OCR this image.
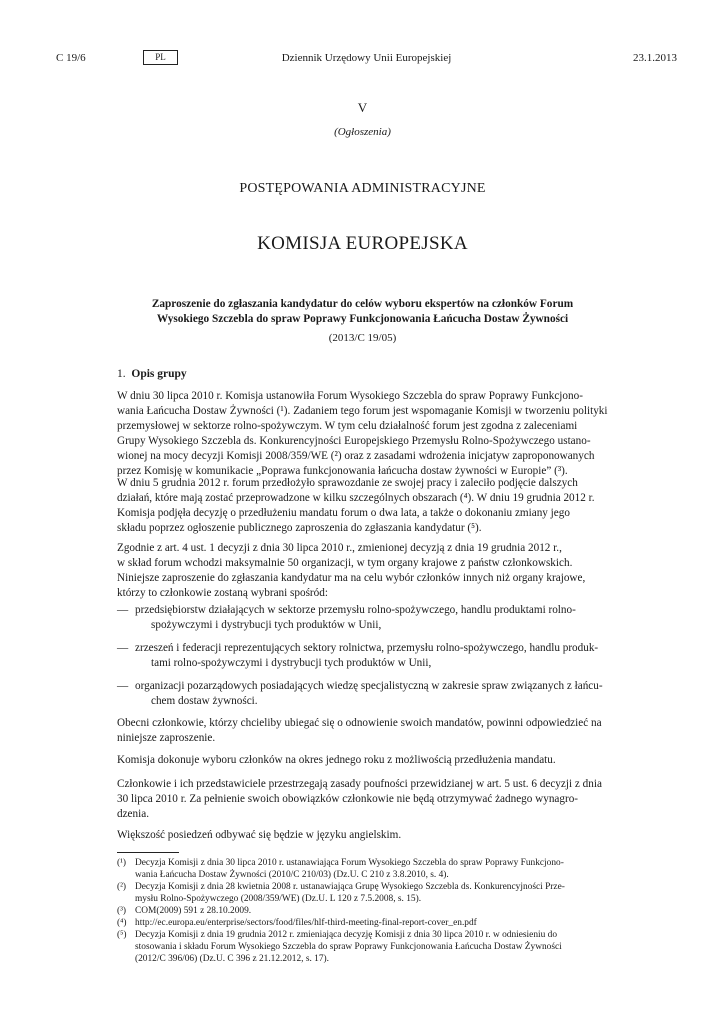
C 19/6	PL	Dziennik Urzędowy Unii Europejskiej	23.1.2013
V
(Ogłoszenia)
POSTĘPOWANIA ADMINISTRACYJNE
KOMISJA EUROPEJSKA
Zaproszenie do zgłaszania kandydatur do celów wyboru ekspertów na członków Forum
Wysokiego Szczebla do spraw Poprawy Funkcjonowania Łańcucha Dostaw Żywności
(2013/C 19/05)
1. Opis grupy

W dniu 30 lipca 2010 r. Komisja ustanowiła Forum Wysokiego Szczebla do spraw Poprawy Funkcjono-

wania Łańcucha Dostaw Żywności (¹). Zadaniem tego forum jest wspomaganie Komisji w tworzeniu polityki

przemysłowej w sektorze rolno-spożywczym. W tym celu działalność forum jest zgodna z zaleceniami

Grupy Wysokiego Szczebla ds. Konkurencyjności Europejskiego Przemysłu Rolno-Spożywczego ustano-

wionej na mocy decyzji Komisji 2008/359/WE (²) oraz z zasadami wdrożenia inicjatyw zaproponowanych

przez Komisję w komunikacie „Poprawa funkcjonowania łańcucha dostaw żywności w Europie” (³).

W dniu 5 grudnia 2012 r. forum przedłożyło sprawozdanie ze swojej pracy i zaleciło podjęcie dalszych

działań, które mają zostać przeprowadzone w kilku szczególnych obszarach (⁴). W dniu 19 grudnia 2012 r.

Komisja podjęła decyzję o przedłużeniu mandatu forum o dwa lata, a także o dokonaniu zmiany jego

składu poprzez ogłoszenie publicznego zaproszenia do zgłaszania kandydatur (⁵).

Zgodnie z art. 4 ust. 1 decyzji z dnia 30 lipca 2010 r., zmienionej decyzją z dnia 19 grudnia 2012 r.,

w skład forum wchodzi maksymalnie 50 organizacji, w tym organy krajowe z państw członkowskich.

Niniejsze zaproszenie do zgłaszania kandydatur ma na celu wybór członków innych niż organy krajowe,

którzy to członkowie zostaną wybrani spośród:

— przedsiębiorstw działających w sektorze przemysłu rolno-spożywczego, handlu produktami rolno-
spożywczymi i dystrybucji tych produktów w Unii,
— zrzeszeń i federacji reprezentujących sektory rolnictwa, przemysłu rolno-spożywczego, handlu produk-
tami rolno-spożywczymi i dystrybucji tych produktów w Unii,
— organizacji pozarządowych posiadających wiedzę specjalistyczną w zakresie spraw związanych z łańcu-
chem dostaw żywności.

Obecni członkowie, którzy chcieliby ubiegać się o odnowienie swoich mandatów, powinni odpowiedzieć na

niniejsze zaproszenie.

Komisja dokonuje wyboru członków na okres jednego roku z możliwością przedłużenia mandatu.

Członkowie i ich przedstawiciele przestrzegają zasady poufności przewidzianej w art. 5 ust. 6 decyzji z dnia

30 lipca 2010 r. Za pełnienie swoich obowiązków członkowie nie będą otrzymywać żadnego wynagro-

dzenia.

Większość posiedzeń odbywać się będzie w języku angielskim.

(¹) Decyzja Komisji z dnia 30 lipca 2010 r. ustanawiająca Forum Wysokiego Szczebla do spraw Poprawy Funkcjono-
wania Łańcucha Dostaw Żywności (2010/C 210/03) (Dz.U. C 210 z 3.8.2010, s. 4).
(²) Decyzja Komisji z dnia 28 kwietnia 2008 r. ustanawiająca Grupę Wysokiego Szczebla ds. Konkurencyjności Prze-
mysłu Rolno-Spożywczego (2008/359/WE) (Dz.U. L 120 z 7.5.2008, s. 15).
(³) COM(2009) 591 z 28.10.2009.
(⁴) http://ec.europa.eu/enterprise/sectors/food/files/hlf-third-meeting-final-report-cover_en.pdf
(⁵) Decyzja Komisji z dnia 19 grudnia 2012 r. zmieniająca decyzję Komisji z dnia 30 lipca 2010 r. w odniesieniu do
stosowania i składu Forum Wysokiego Szczebla do spraw Poprawy Funkcjonowania Łańcucha Dostaw Żywności
(2012/C 396/06) (Dz.U. C 396 z 21.12.2012, s. 17).
